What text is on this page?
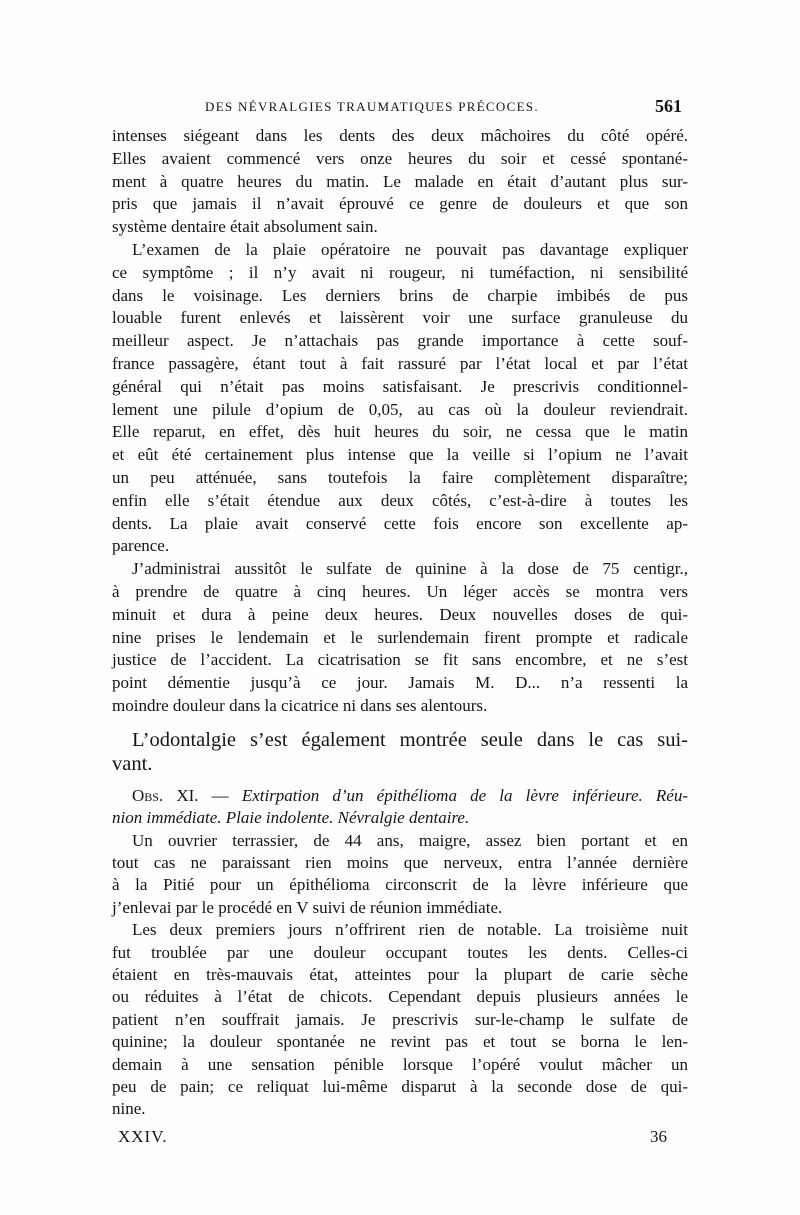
DES NÉVRALGIES TRAUMATIQUES PRÉCOCES.	561
intenses siégeant dans les dents des deux mâchoires du côté opéré.
Elles avaient commencé vers onze heures du soir et cessé spontané-
ment à quatre heures du matin. Le malade en était d’autant plus sur-
pris que jamais il n’avait éprouvé ce genre de douleurs et que son
système dentaire était absolument sain.
L’examen de la plaie opératoire ne pouvait pas davantage expliquer
ce symptôme ; il n’y avait ni rougeur, ni tuméfaction, ni sensibilité
dans le voisinage. Les derniers brins de charpie imbibés de pus
louable furent enlevés et laissèrent voir une surface granuleuse du
meilleur aspect. Je n’attachais pas grande importance à cette souf-
france passagère, étant tout à fait rassuré par l’état local et par l’état
général qui n’était pas moins satisfaisant. Je prescrivis conditionnel-
lement une pilule d’opium de 0,05, au cas où la douleur reviendrait.
Elle reparut, en effet, dès huit heures du soir, ne cessa que le matin
et eût été certainement plus intense que la veille si l’opium ne l’avait
un peu atténuée, sans toutefois la faire complètement disparaître;
enfin elle s’était étendue aux deux côtés, c’est-à-dire à toutes les
dents. La plaie avait conservé cette fois encore son excellente ap-
parence.
J’administrai aussitôt le sulfate de quinine à la dose de 75 centigr.,
à prendre de quatre à cinq heures. Un léger accès se montra vers
minuit et dura à peine deux heures. Deux nouvelles doses de qui-
nine prises le lendemain et le surlendemain firent prompte et radicale
justice de l’accident. La cicatrisation se fit sans encombre, et ne s’est
point démentie jusqu’à ce jour. Jamais M. D... n’a ressenti la
moindre douleur dans la cicatrice ni dans ses alentours.
L’odontalgie s’est également montrée seule dans le cas sui-
vant.
Obs. XI. — Extirpation d’un épithélioma de la lèvre inférieure. Réu-
nion immédiate. Plaie indolente. Névralgie dentaire.
Un ouvrier terrassier, de 44 ans, maigre, assez bien portant et en
tout cas ne paraissant rien moins que nerveux, entra l’année dernière
à la Pitié pour un épithélioma circonscrit de la lèvre inférieure que
j’enlevai par le procédé en V suivi de réunion immédiate.
Les deux premiers jours n’offrirent rien de notable. La troisième nuit
fut troublée par une douleur occupant toutes les dents. Celles-ci
étaient en très-mauvais état, atteintes pour la plupart de carie sèche
ou réduites à l’état de chicots. Cependant depuis plusieurs années le
patient n’en souffrait jamais. Je prescrivis sur-le-champ le sulfate de
quinine; la douleur spontanée ne revint pas et tout se borna le len-
demain à une sensation pénible lorsque l’opéré voulut mâcher un
peu de pain; ce reliquat lui-même disparut à la seconde dose de qui-
nine.
XXIV.	36
